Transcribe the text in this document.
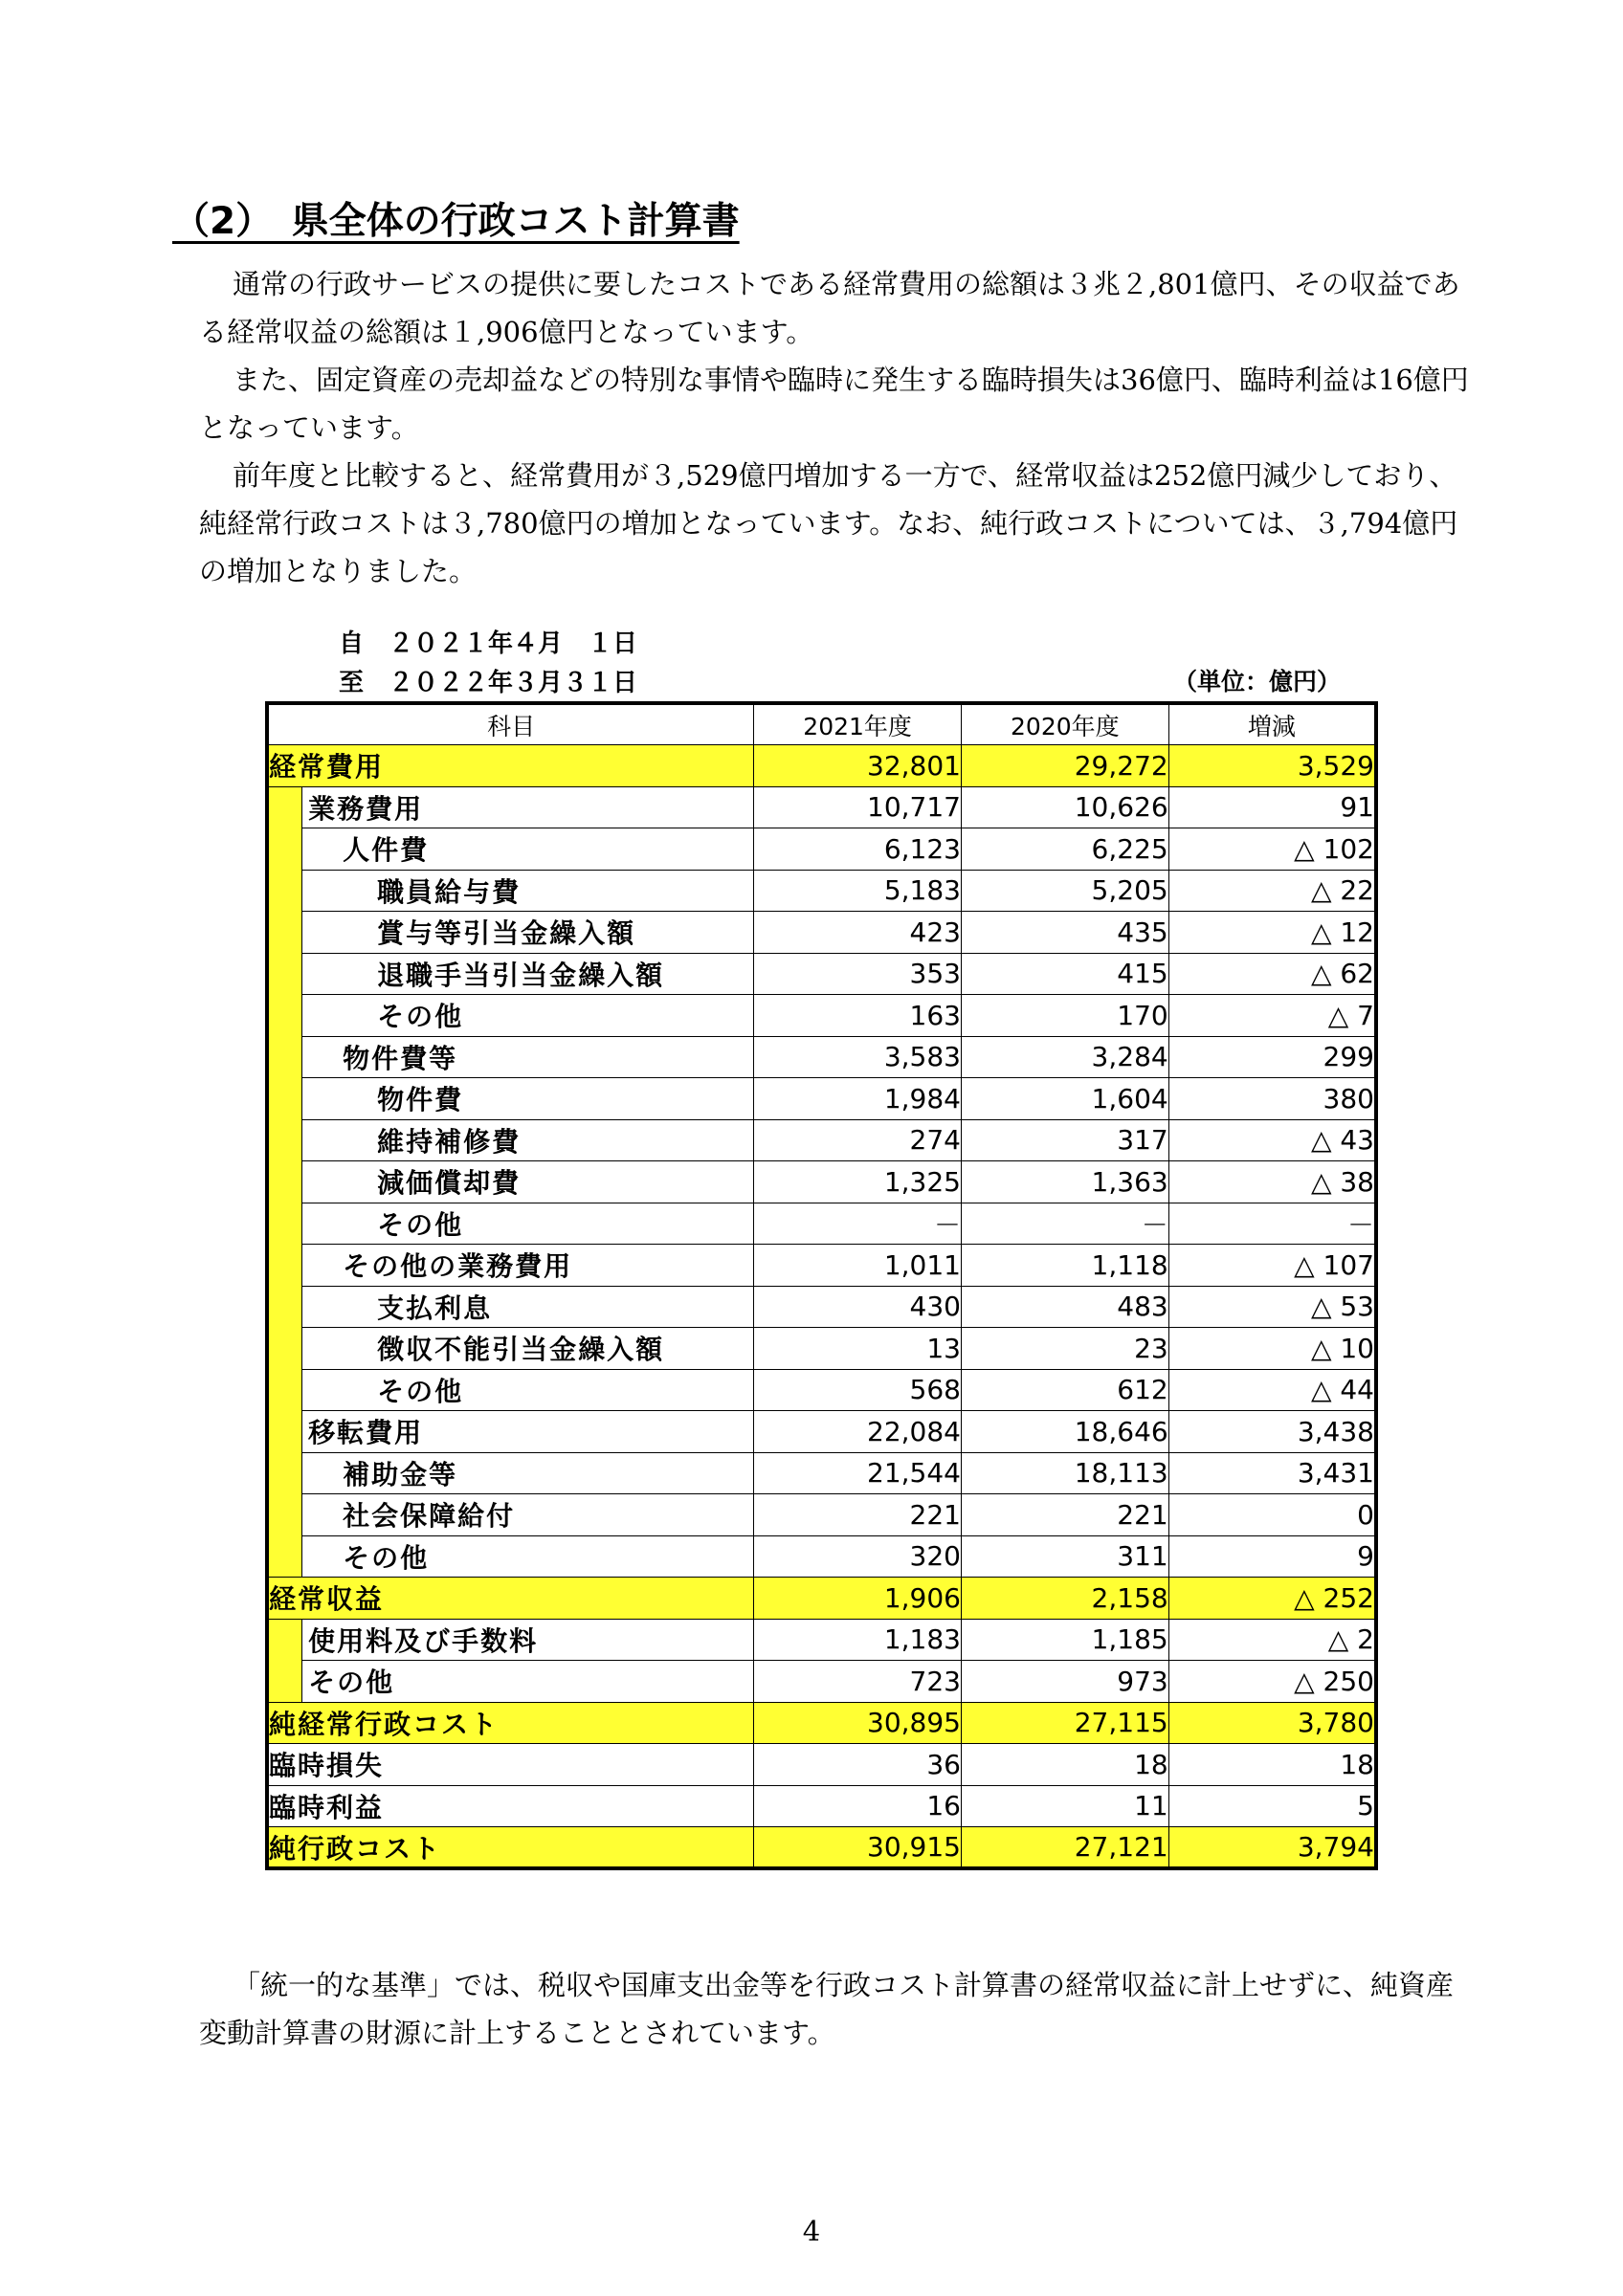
（2）　県全体の行政コスト計算書

通常の行政サービスの提供に要したコストである経常費用の総額は３兆２,801億円、その収益である経常収益の総額は１,906億円となっています。

また、固定資産の売却益などの特別な事情や臨時に発生する臨時損失は36億円、臨時利益は16億円となっています。

前年度と比較すると、経常費用が３,529億円増加する一方で、経常収益は252億円減少しており、純経常行政コストは３,780億円の増加となっています。なお、純行政コストについては、３,794億円の増加となりました。

自　２０２１年４月　１日
至　２０２２年３月３１日	（単位：億円）
科目		2021年度	2020年度	増減
経常費用		32,801	29,272	3,529
	業務費用	10,717	10,626	91
	人件費	6,123	6,225	△ 102
	職員給与費	5,183	5,205	△ 22
	賞与等引当金繰入額	423	435	△ 12
	退職手当引当金繰入額	353	415	△ 62
	その他	163	170	△ 7
	物件費等	3,583	3,284	299
	物件費	1,984	1,604	380
	維持補修費	274	317	△ 43
	減価償却費	1,325	1,363	△ 38
	その他	－	－	－
	その他の業務費用	1,011	1,118	△ 107
	支払利息	430	483	△ 53
	徴収不能引当金繰入額	13	23	△ 10
	その他	568	612	△ 44
	移転費用	22,084	18,646	3,438
	補助金等	21,544	18,113	3,431
	社会保障給付	221	221	0
	その他	320	311	9
経常収益		1,906	2,158	△ 252
	使用料及び手数料	1,183	1,185	△ 2
	その他	723	973	△ 250
純経常行政コスト		30,895	27,115	3,780
臨時損失		36	18	18
臨時利益		16	11	5
純行政コスト		30,915	27,121	3,794

「統一的な基準」では、税収や国庫支出金等を行政コスト計算書の経常収益に計上せずに、純資産変動計算書の財源に計上することとされています。

4
